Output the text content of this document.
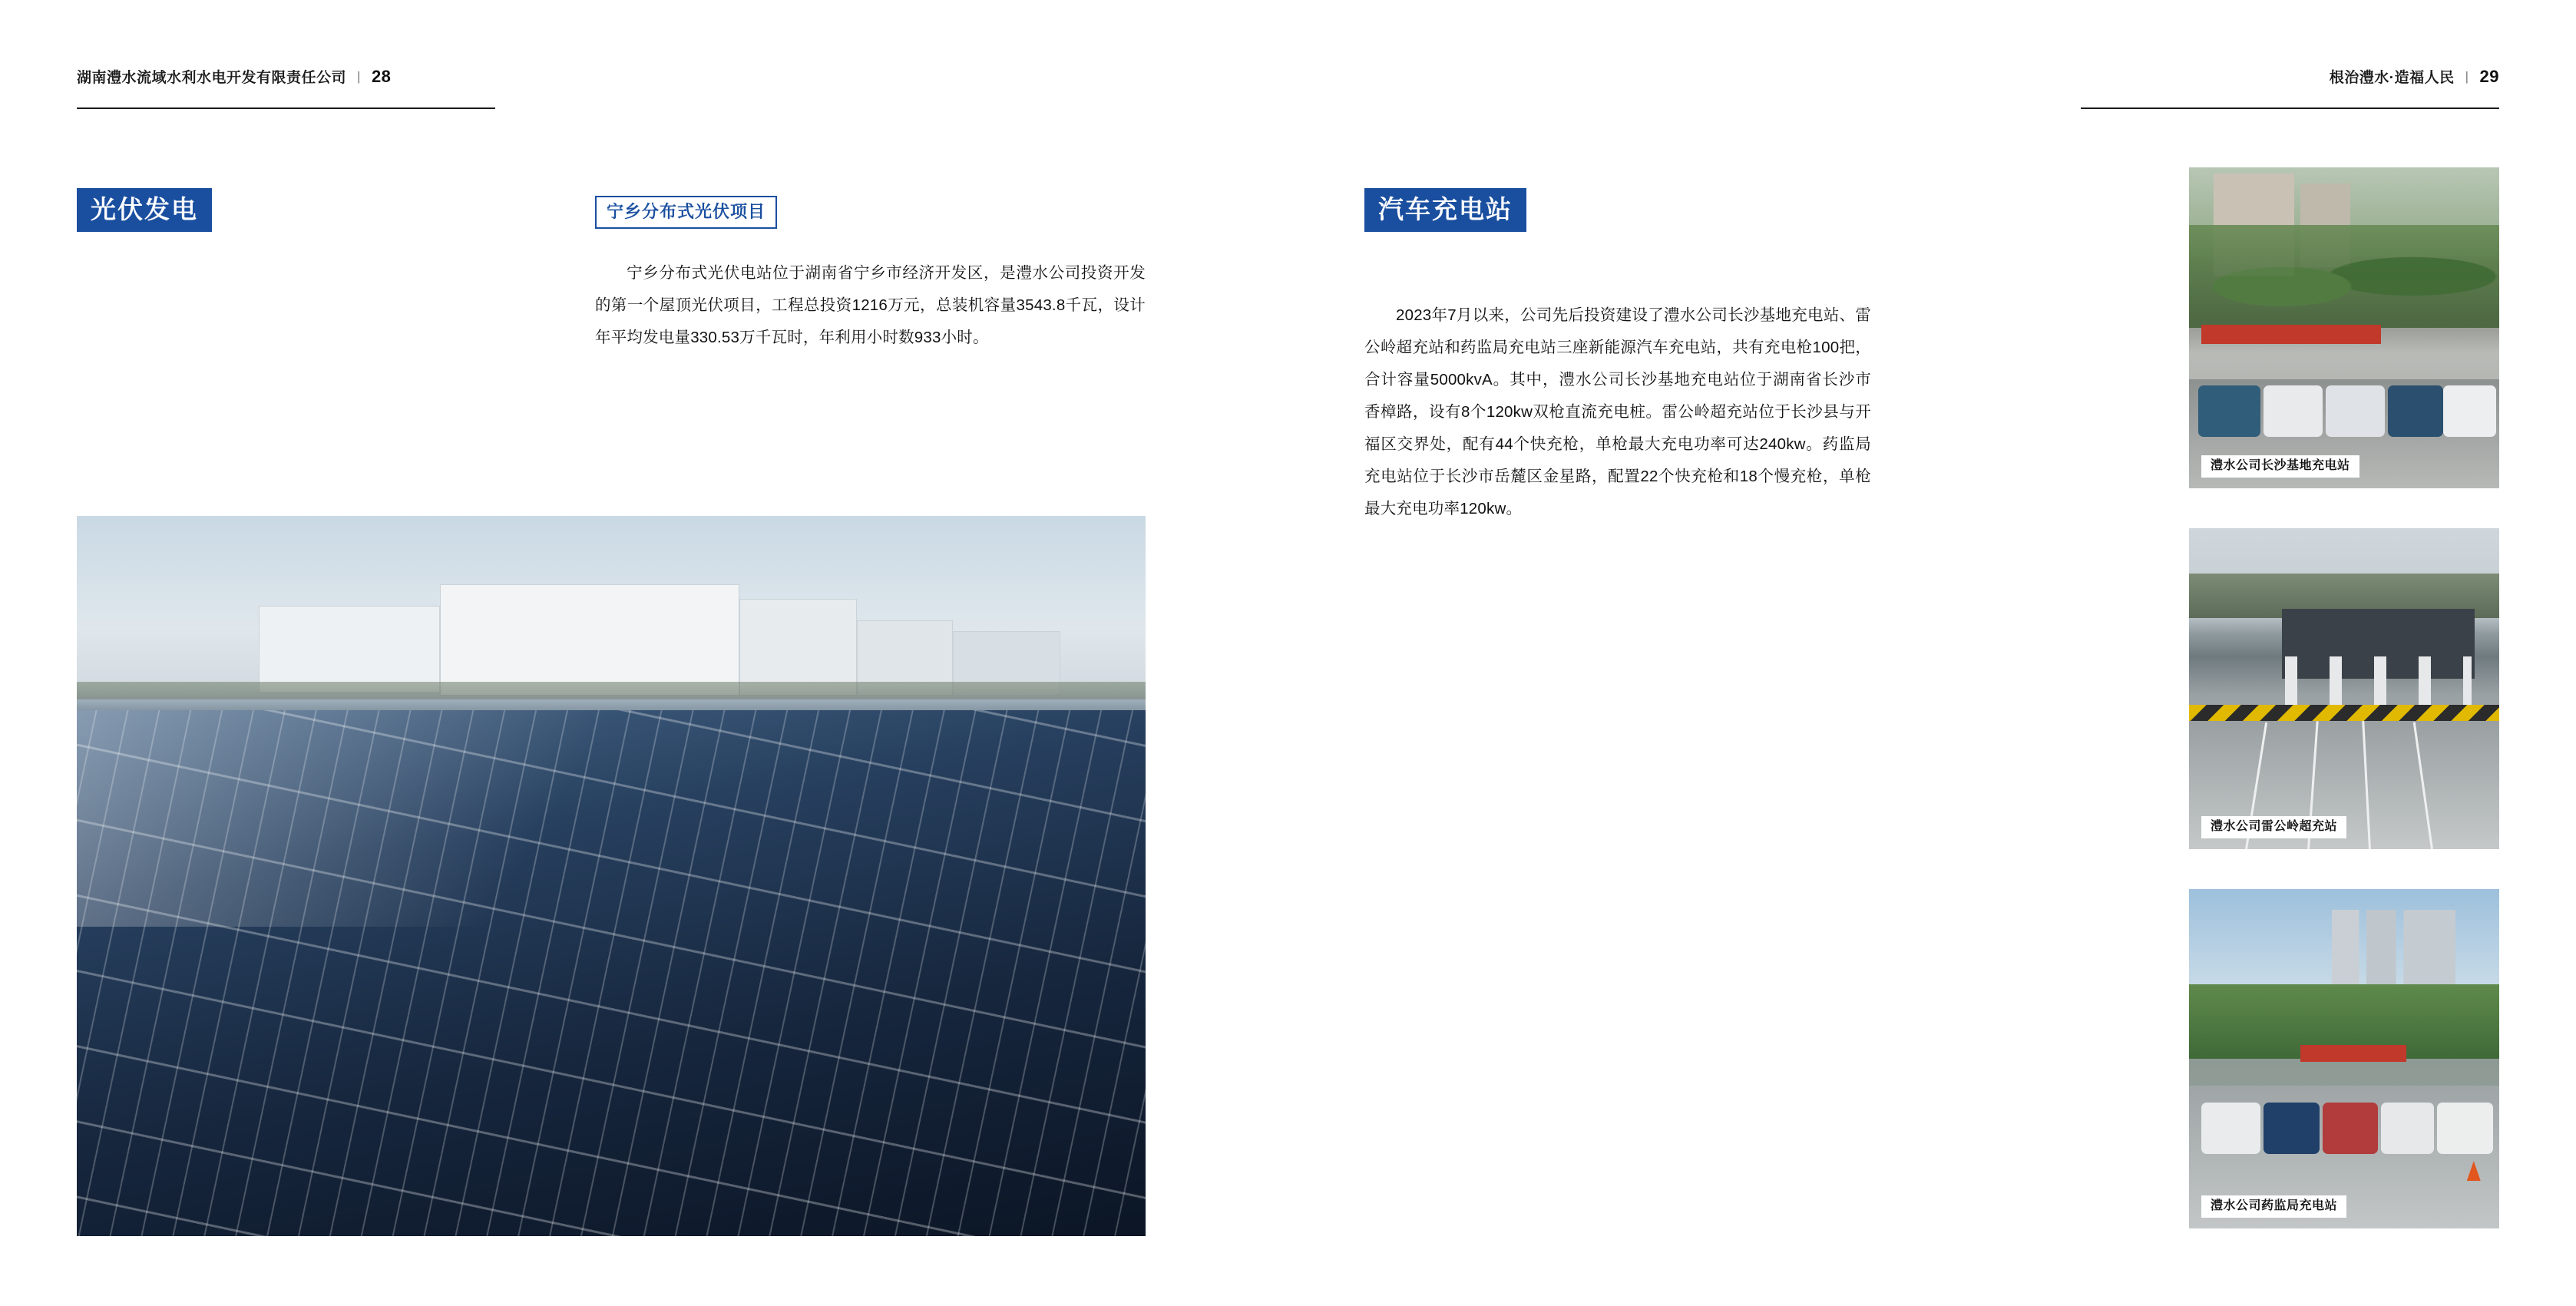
湖南澧水流域水利水电开发有限责任公司 | 28
光伏发电	宁乡分布式光伏项目

宁乡分布式光伏电站位于湖南省宁乡市经济开发区，是澧水公司投资开发的第一个屋顶光伏项目，工程总投资1216万元，总装机容量3543.8千瓦，设计年平均发电量330.53万千瓦时，年利用小时数933小时。

根治澧水·造福人民 | 29
汽车充电站

2023年7月以来，公司先后投资建设了澧水公司长沙基地充电站、雷公岭超充站和药监局充电站三座新能源汽车充电站，共有充电枪100把，合计容量5000kvA。其中，澧水公司长沙基地充电站位于湖南省长沙市香樟路，设有8个120kw双枪直流充电桩。雷公岭超充站位于长沙县与开福区交界处，配有44个快充枪，单枪最大充电功率可达240kw。药监局充电站位于长沙市岳麓区金星路，配置22个快充枪和18个慢充枪，单枪最大充电功率120kw。

澧水公司长沙基地充电站
澧水公司雷公岭超充站
澧水公司药监局充电站
